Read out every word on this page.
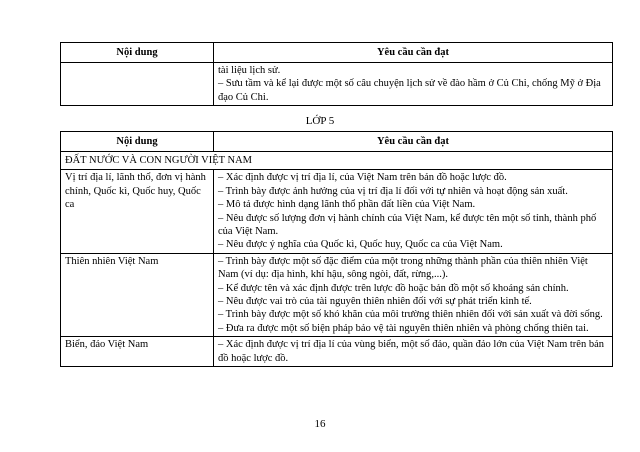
Nội dung	Yêu cầu cần đạt

	tài liệu lịch sử.
– Sưu tầm và kể lại được một số câu chuyện lịch sử về đào hầm ở Củ Chi, chống Mỹ ở Địa đạo Củ Chi.
LỚP 5
Nội dung	Yêu cầu cần đạt
ĐẤT NƯỚC VÀ CON NGƯỜI VIỆT NAM	
Vị trí địa lí, lãnh thổ, đơn vị hành chính, Quốc kì, Quốc huy, Quốc ca	– Xác định được vị trí địa lí, của Việt Nam trên bản đồ hoặc lược đồ.
– Trình bày được ảnh hưởng của vị trí địa lí đối với tự nhiên và hoạt động sản xuất.
– Mô tả được hình dạng lãnh thổ phần đất liền của Việt Nam.
– Nêu được số lượng đơn vị hành chính của Việt Nam, kể được tên một số tỉnh, thành phố của Việt Nam.
– Nêu được ý nghĩa của Quốc kì, Quốc huy, Quốc ca của Việt Nam.

Thiên nhiên Việt Nam	– Trình bày được một số đặc điểm của một trong những thành phần của thiên nhiên Việt Nam (ví dụ: địa hình, khí hậu, sông ngòi, đất, rừng,...).
– Kể được tên và xác định được trên lược đồ hoặc bản đồ một số khoáng sản chính.
– Nêu được vai trò của tài nguyên thiên nhiên đối với sự phát triển kinh tế.
– Trình bày được một số khó khăn của môi trường thiên nhiên đối với sản xuất và đời sống.
– Đưa ra được một số biện pháp bảo vệ tài nguyên thiên nhiên và phòng chống thiên tai.

Biển, đảo Việt Nam	– Xác định được vị trí địa lí của vùng biển, một số đảo, quần đảo lớn của Việt Nam trên bản đồ hoặc lược đồ.
16
